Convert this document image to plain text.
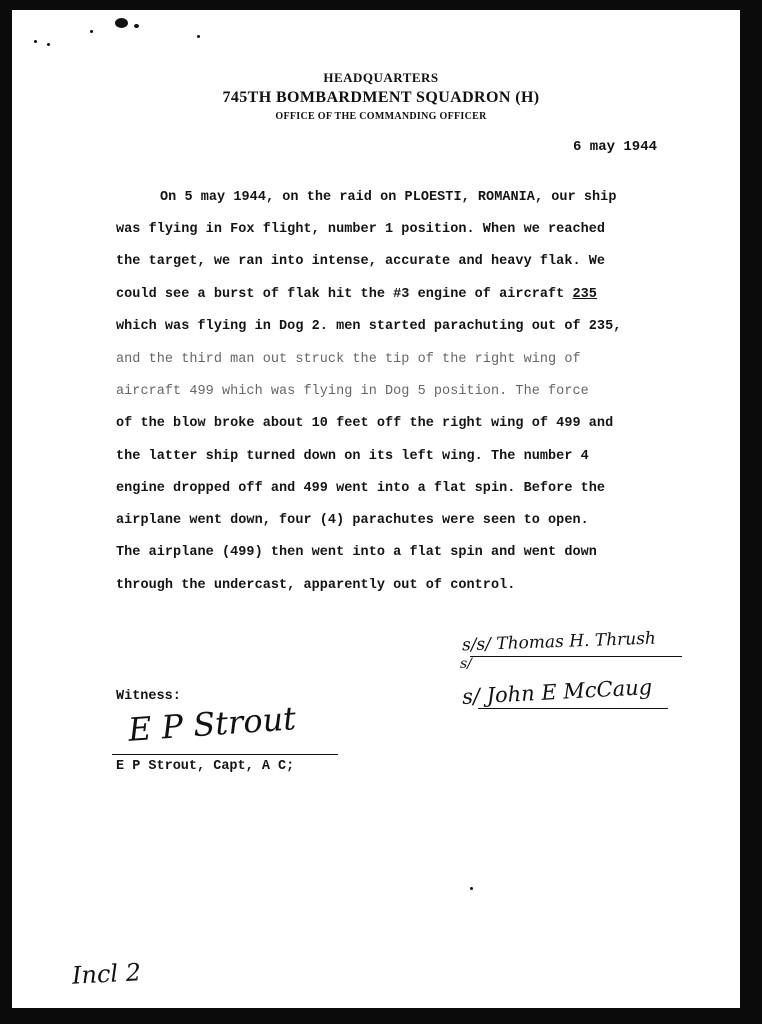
HEADQUARTERS
745TH BOMBARDMENT SQUADRON (H)
OFFICE OF THE COMMANDING OFFICER
6 may 1944
On 5 may 1944, on the raid on PLOESTI, ROMANIA, our ship
was flying in Fox flight, number 1 position. When we reached
the target, we ran into intense, accurate and heavy flak. We
could see a burst of flak hit the #3 engine of aircraft 235
which was flying in Dog 2. men started parachuting out of 235,
and the third man out struck the tip of the right wing of
aircraft 499 which was flying in Dog 5 position. The force
of the blow broke about 10 feet off the right wing of 499 and
the latter ship turned down on its left wing. The number 4
engine dropped off and 499 went into a flat spin. Before the
airplane went down, four (4) parachutes were seen to open.
The airplane (499) then went into a flat spin and went down
through the undercast, apparently out of control.
s/s/ Thomas H. Thrush
s/
s/ John E McCaug
Witness:
E P Strout
E P Strout, Capt, A C;
Incl 2
